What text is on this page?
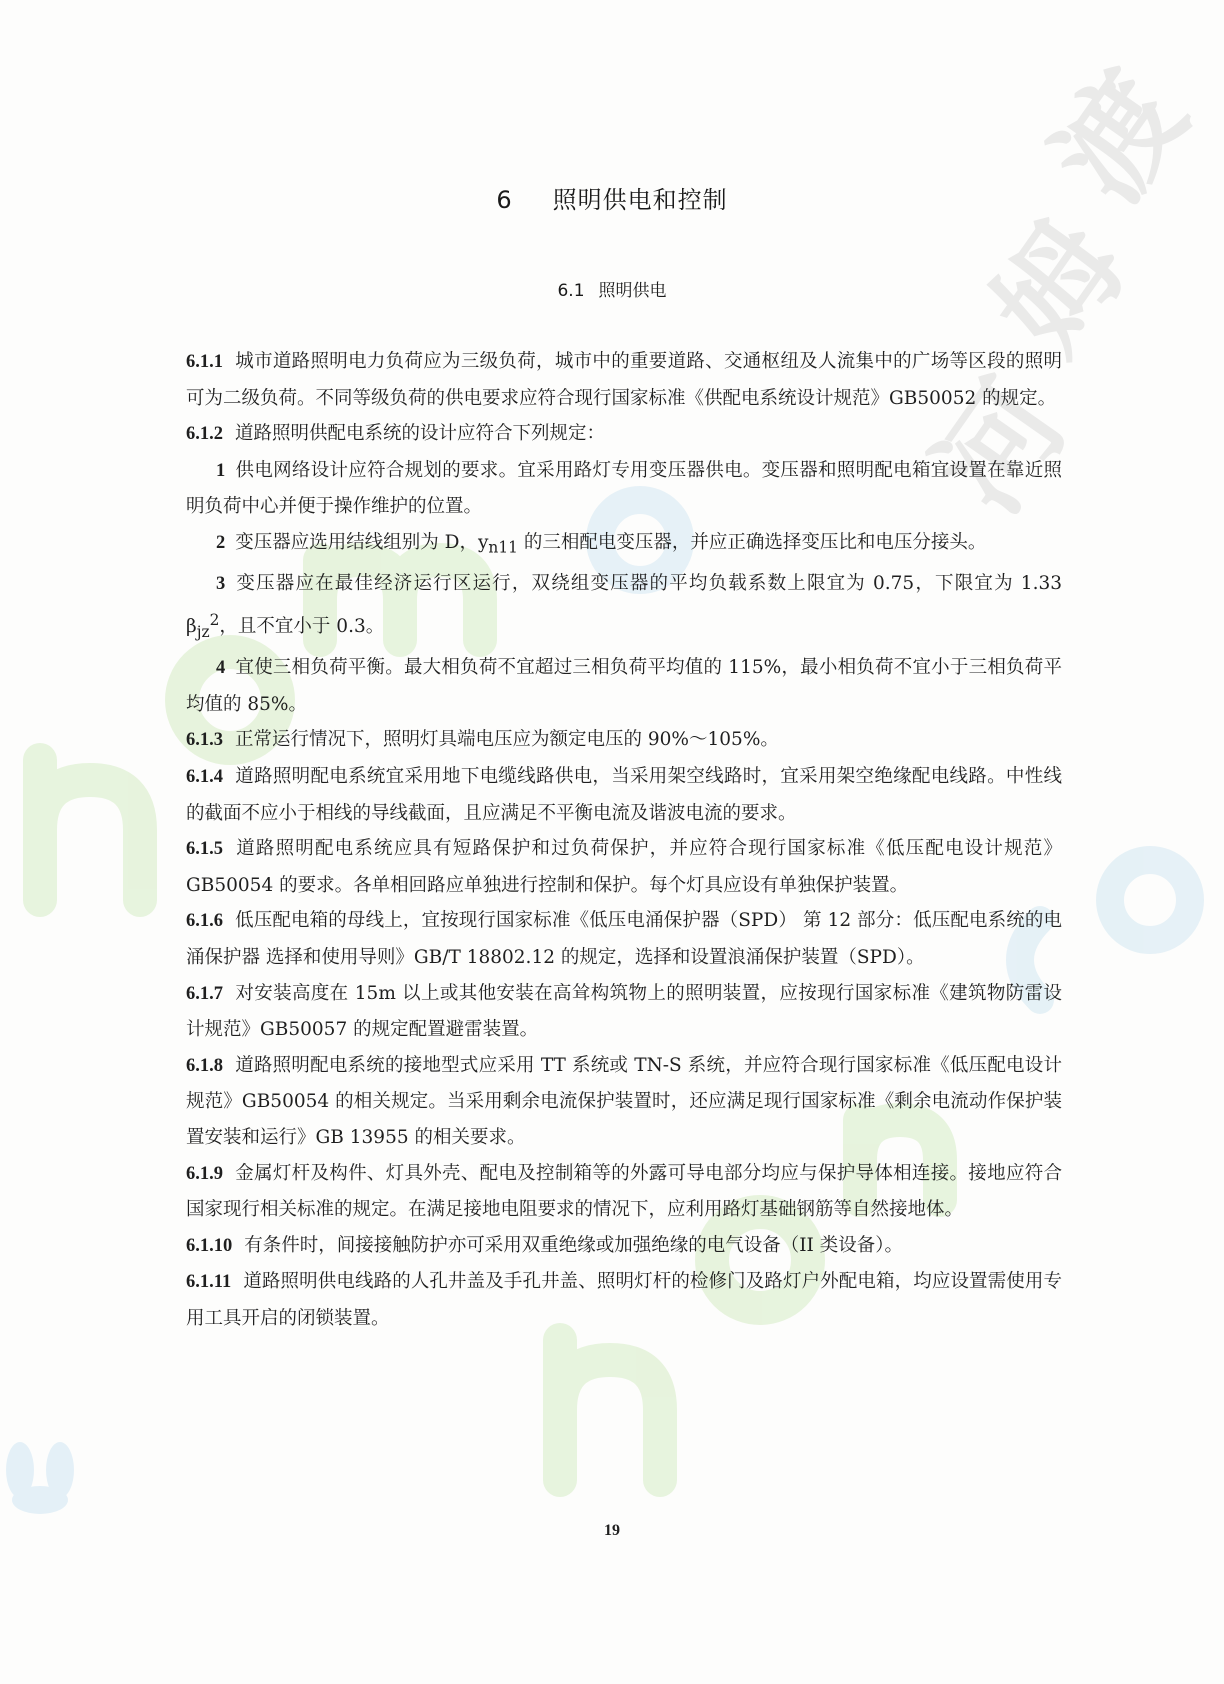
河
姆
渡
6 照明供电和控制
6.1 照明供电

6.1.1 城市道路照明电力负荷应为三级负荷，城市中的重要道路、交通枢纽及人流集中的广场等区段的照明可为二级负荷。不同等级负荷的供电要求应符合现行国家标准《供配电系统设计规范》GB50052 的规定。

6.1.2 道路照明供配电系统的设计应符合下列规定：

1 供电网络设计应符合规划的要求。宜采用路灯专用变压器供电。变压器和照明配电箱宜设置在靠近照明负荷中心并便于操作维护的位置。

2 变压器应选用结线组别为 D，$y_{n11}$ 的三相配电变压器，并应正确选择变压比和电压分接头。

3 变压器应在最佳经济运行区运行，双绕组变压器的平均负载系数上限宜为 0.75，下限宜为 1.33 $\beta_{jz}^2$，且不宜小于 0.3。

4 宜使三相负荷平衡。最大相负荷不宜超过三相负荷平均值的 115%，最小相负荷不宜小于三相负荷平均值的 85%。

6.1.3 正常运行情况下，照明灯具端电压应为额定电压的 90%～105%。

6.1.4 道路照明配电系统宜采用地下电缆线路供电，当采用架空线路时，宜采用架空绝缘配电线路。中性线的截面不应小于相线的导线截面，且应满足不平衡电流及谐波电流的要求。

6.1.5 道路照明配电系统应具有短路保护和过负荷保护，并应符合现行国家标准《低压配电设计规范》GB50054 的要求。各单相回路应单独进行控制和保护。每个灯具应设有单独保护装置。

6.1.6 低压配电箱的母线上，宜按现行国家标准《低压电涌保护器（SPD） 第 12 部分：低压配电系统的电涌保护器 选择和使用导则》GB/T 18802.12 的规定，选择和设置浪涌保护装置（SPD）。

6.1.7 对安装高度在 15m 以上或其他安装在高耸构筑物上的照明装置，应按现行国家标准《建筑物防雷设计规范》GB50057 的规定配置避雷装置。

6.1.8 道路照明配电系统的接地型式应采用 TT 系统或 TN-S 系统，并应符合现行国家标准《低压配电设计规范》GB50054 的相关规定。当采用剩余电流保护装置时，还应满足现行国家标准《剩余电流动作保护装置安装和运行》GB 13955 的相关要求。

6.1.9 金属灯杆及构件、灯具外壳、配电及控制箱等的外露可导电部分均应与保护导体相连接。接地应符合国家现行相关标准的规定。在满足接地电阻要求的情况下，应利用路灯基础钢筋等自然接地体。

6.1.10 有条件时，间接接触防护亦可采用双重绝缘或加强绝缘的电气设备（II 类设备）。

6.1.11 道路照明供电线路的人孔井盖及手孔井盖、照明灯杆的检修门及路灯户外配电箱，均应设置需使用专用工具开启的闭锁装置。

19
